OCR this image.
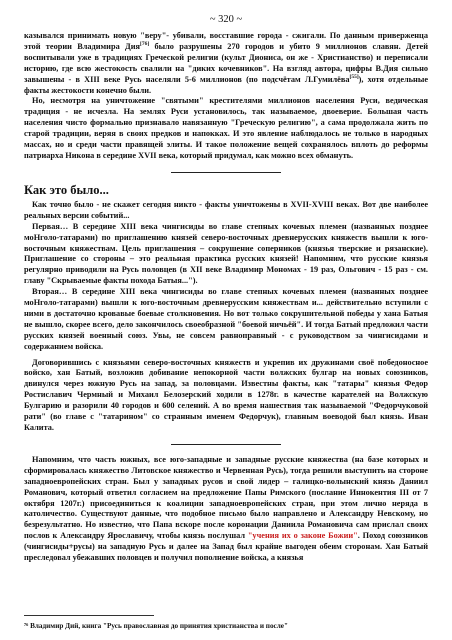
~ 320 ~

казывался принимать новую "веру"- убивали, восставшие города - сжигали. По данным приверженца этой теории Владимира Дия[76] было разрушены 270 городов и убито 9 миллионов славян. Детей воспитывали уже в традициях Греческой религии (культ Диониса, он же - Христианство) и переписали историю, где всю жестокость свалили на "диких кочевников". На взгляд автора, цифры В.Дия сильно завышены - в XIII веке Русь населяли 5-6 миллионов (по подсчётам Л.Гумилёва[55]), хотя отдельные факты жестокости конечно были.

Но, несмотря на уничтожение "святыми" крестителями миллионов населения Руси, ведическая традиция - не исчезла. На землях Руси установилось, так называемое, двоеверие. Большая часть населения чисто формально признавало навязанную "Греческую религию", а сама продолжала жить по старой традиции, веряя в своих предков и напокках. И это явление наблюдалось не только в народных массах, но и среди части правящей элиты. И такое положение вещей сохранялось вплоть до реформы патриарха Никона в середине XVII века, который придумал, как можно всех обмануть.

Как это было...

Как точно было - не скажет сегодня никто - факты уничтожены в XVII-XVIII веках. Вот две наиболее реальных версии событий...

Первая… В середине XIII века чингисиды во главе степных кочевых племен (названных позднее моНголо-татарами) по приглашению князей северо-восточных древнерусских княжеств вышли к юго-восточным княжествам. Цель приглашения – сокрушение соперников (князья тверские и рязанские). Приглашение со стороны – это реальная практика русских князей! Напомним, что русские князья регулярно приводили на Русь половцев (в XII веке Владимир Мономах - 19 раз, Ольгович - 15 раз - см. главу "Скрываемые факты похода Батыя...").

Вторая… В середине XIII века чингисиды во главе степных кочевых племен (названных позднее моНголо-татарами) вышли к юго-восточным древнерусским княжествам и... действительно вступили с ними в достаточно кровавые боевые столкновения. Но вот только сокрушительной победы у хана Батыя не вышло, скорее всего, дело закончилось своеобразной "боевой ничьёй". И тогда Батый предложил части русских князей военный союз. Увы, не совсем равноправный - с руководством за чингисидами и содержанием войска.

Договорившись с князьями северо-восточных княжеств и укрепив их дружинами своё победоносное войско, хан Батый, возложив добивание непокорной части волжских булгар на новых союзников, двинулся через южную Русь на запад, за половцами. Известны факты, как "татары" князья Федор Ростиславич Чермный и Михаил Белозерский ходили в 1278г. в качестве карателей на Волжскую Булгарию и разорили 40 городов и 600 селений. А во время нашествия так называемой "Федорчуковой рати" (во главе с "татарином" со странным именем Федорчук), главным воеводой был князь. Иван Калита.

Напомним, что часть южных, все юго-западные и западные русские княжества (на базе которых и сформировалась княжество Литовское княжество и Червенная Русь), тогда решили выступить на стороне западноевропейских стран. Был у западных русов и свой лидер – галицко-волынский князь Даниил Романович, который ответил согласием на предложение Папы Римского (послание Иннокентия III от 7 октября 1207г.) присоединиться к коалиции западноевропейских стран, при этом лично неряда в католичество. Существуют данные, что подобное письмо было направлено и Александру Невскому, но безрезультатно. Но известно, что Папа вскоре после коронации Даниила Романовича сам прислал своих послов к Александру Ярославичу, чтобы князь послушал "учения их о законе Божии". Поход союзников (чингисиды+русы) на западную Русь и далее на Запад был крайне выгоден обеим сторонам. Хан Батый преследовал убежавших половцев и получил пополнение войска, а князья

⁷⁶ Владимир Дий, книга "Русь православная до принятия христианства и после"
